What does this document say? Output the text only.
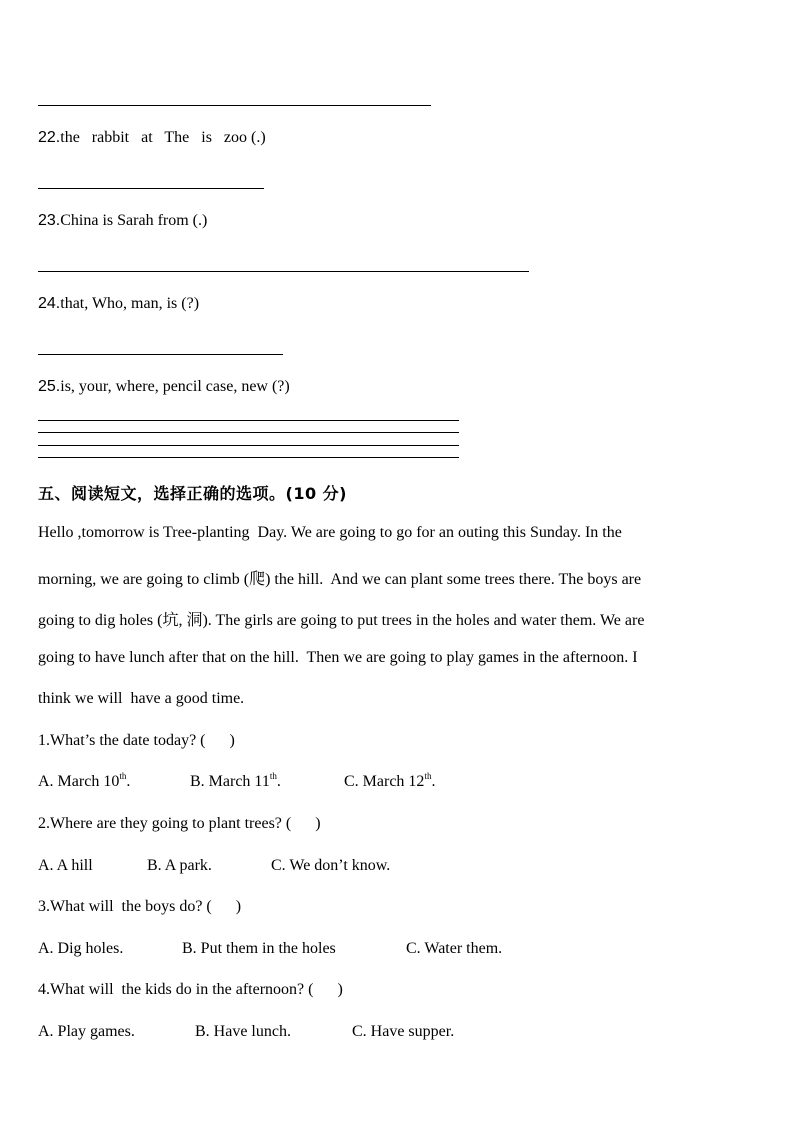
22.the   rabbit   at   The   is   zoo (.)
23.China is Sarah from (.)
24.that, Who, man, is (?)
25.is, your, where, pencil case, new (?)
五、阅读短文，选择正确的选项。(10 分)
Hello ,tomorrow is Tree-planting  Day. We are going to go for an outing this Sunday. In the
morning, we are going to climb (爬) the hill.  And we can plant some trees there. The boys are
going to dig holes (坑, 洞). The girls are going to put trees in the holes and water them. We are
going to have lunch after that on the hill.  Then we are going to play games in the afternoon. I
think we will  have a good time.
1.What’s the date today? (      )
A. March 10th.	B. March 11th.	C. March 12th.
2.Where are they going to plant trees? (      )
A. A hill	B. A park.	C. We don’t know.
3.What will  the boys do? (      )
A. Dig holes.	B. Put them in the holes	C. Water them.
4.What will  the kids do in the afternoon? (      )
A. Play games.	B. Have lunch.	C. Have supper.
